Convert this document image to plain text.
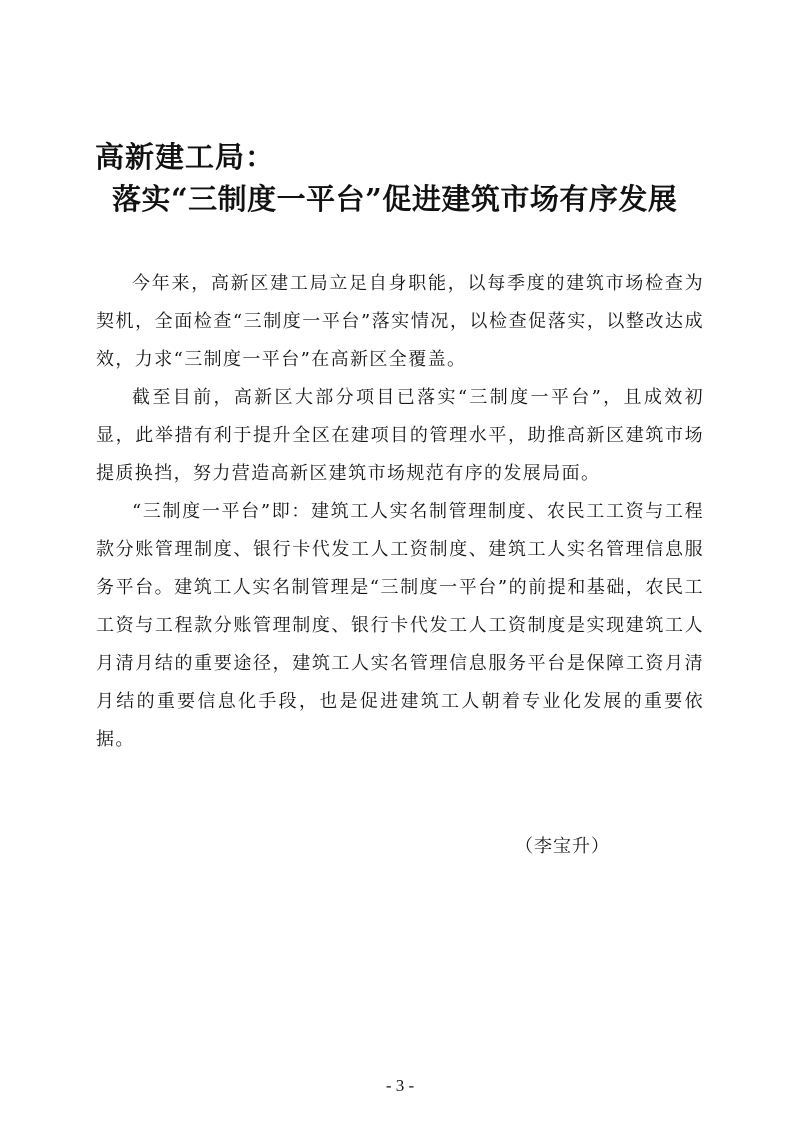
高新建工局：
落实“三制度一平台”促进建筑市场有序发展

今年来，高新区建工局立足自身职能，以每季度的建筑市场检查为契机，全面检查“三制度一平台”落实情况，以检查促落实，以整改达成效，力求“三制度一平台”在高新区全覆盖。

截至目前，高新区大部分项目已落实“三制度一平台”，且成效初显，此举措有利于提升全区在建项目的管理水平，助推高新区建筑市场提质换挡，努力营造高新区建筑市场规范有序的发展局面。

“三制度一平台”即：建筑工人实名制管理制度、农民工工资与工程款分账管理制度、银行卡代发工人工资制度、建筑工人实名管理信息服务平台。建筑工人实名制管理是“三制度一平台”的前提和基础，农民工工资与工程款分账管理制度、银行卡代发工人工资制度是实现建筑工人月清月结的重要途径，建筑工人实名管理信息服务平台是保障工资月清月结的重要信息化手段，也是促进建筑工人朝着专业化发展的重要依据。

（李宝升）
- 3 -
